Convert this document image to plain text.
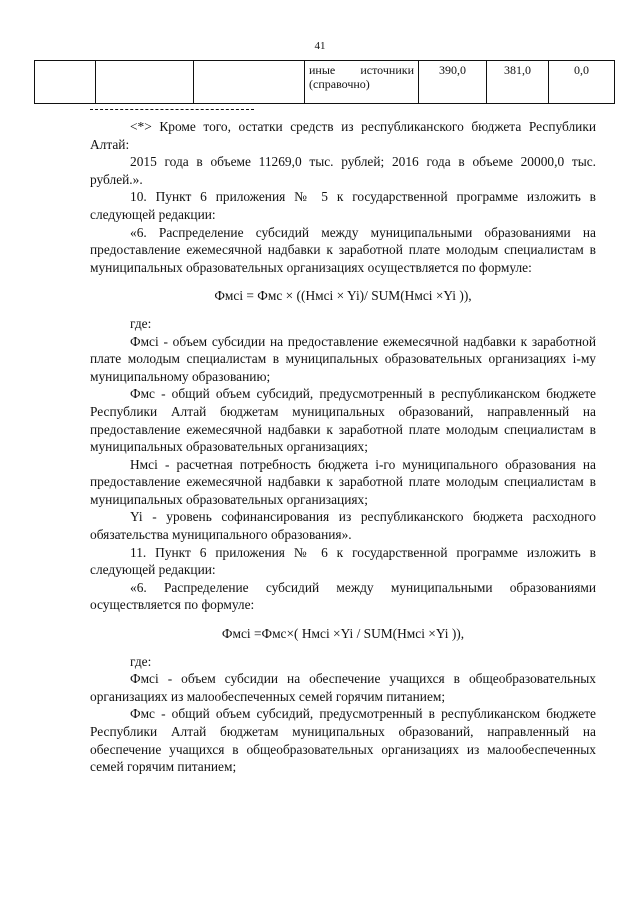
41
			иные источники (справочно)	390,0	381,0	0,0

<*> Кроме того, остатки средств из республиканского бюджета Республики Алтай:

2015 года в объеме 11269,0 тыс. рублей; 2016 года в объеме 20000,0 тыс. рублей.».

10. Пункт 6 приложения № 5 к государственной программе изложить в следующей редакции:

«6. Распределение субсидий между муниципальными образованиями на предоставление ежемесячной надбавки к заработной плате молодым специалистам в муниципальных образовательных организациях осуществляется по формуле:

Фмсi = Фмс × ((Нмсi × Yi)/ SUM(Нмсi ×Yi )),

где:

Фмсi - объем субсидии на предоставление ежемесячной надбавки к заработной плате молодым специалистам в муниципальных образовательных организациях i-му муниципальному образованию;

Фмс - общий объем субсидий, предусмотренный в республиканском бюджете Республики Алтай бюджетам муниципальных образований, направленный на предоставление ежемесячной надбавки к заработной плате молодым специалистам в муниципальных образовательных организациях;

Нмсi - расчетная потребность бюджета i-го муниципального образования на предоставление ежемесячной надбавки к заработной плате молодым специалистам в муниципальных образовательных организациях;

Yi - уровень софинансирования из республиканского бюджета расходного обязательства муниципального образования».

11. Пункт 6 приложения № 6 к государственной программе изложить в следующей редакции:

«6. Распределение субсидий между муниципальными образованиями осуществляется по формуле:

Фмсi =Фмс×( Нмсi ×Yi / SUM(Нмсi ×Yi )),

где:

Фмсi - объем субсидии на обеспечение учащихся в общеобразовательных организациях из малообеспеченных семей горячим питанием;

Фмс - общий объем субсидий, предусмотренный в республиканском бюджете Республики Алтай бюджетам муниципальных образований, направленный на обеспечение учащихся в общеобразовательных организациях из малообеспеченных семей горячим питанием;
